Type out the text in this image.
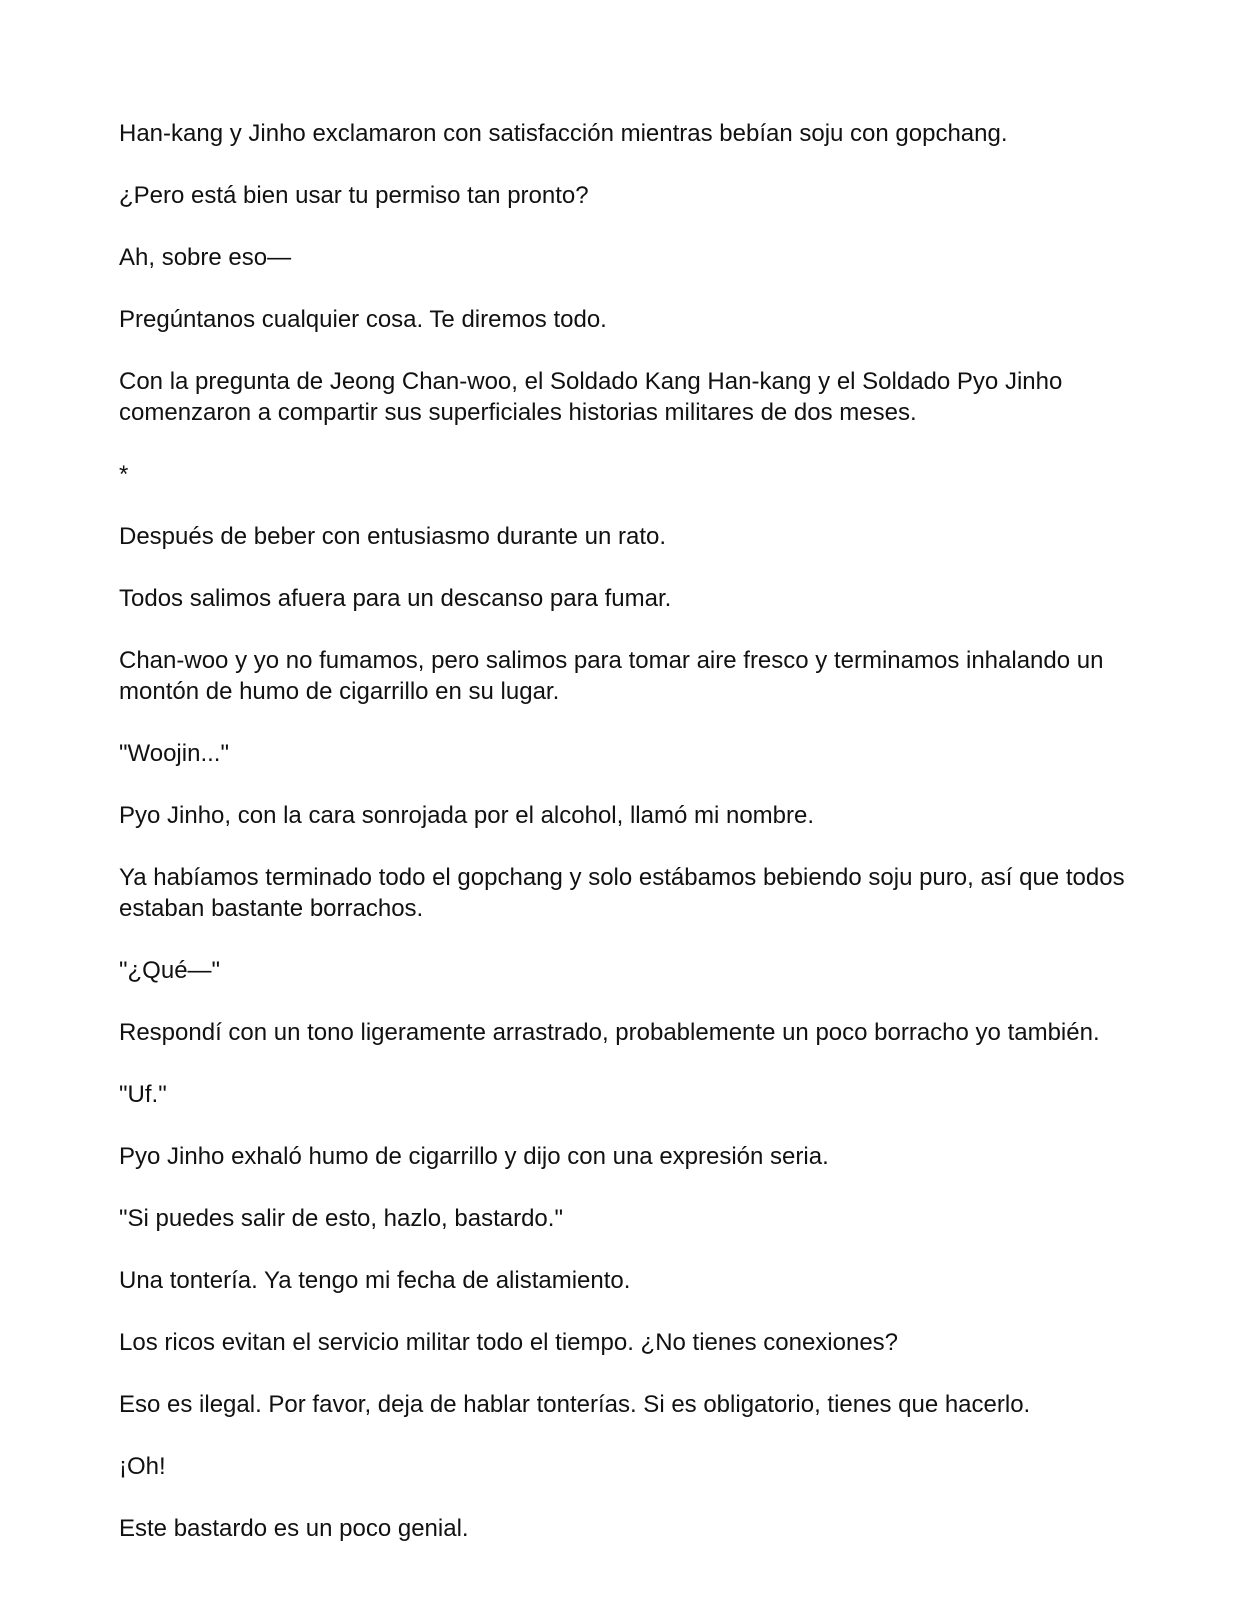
Han-kang y Jinho exclamaron con satisfacción mientras bebían soju con gopchang.

¿Pero está bien usar tu permiso tan pronto?

Ah, sobre eso—

Pregúntanos cualquier cosa. Te diremos todo.

Con la pregunta de Jeong Chan-woo, el Soldado Kang Han-kang y el Soldado Pyo Jinho comenzaron a compartir sus superficiales historias militares de dos meses.

*

Después de beber con entusiasmo durante un rato.

Todos salimos afuera para un descanso para fumar.

Chan-woo y yo no fumamos, pero salimos para tomar aire fresco y terminamos inhalando un montón de humo de cigarrillo en su lugar.

"Woojin..."

Pyo Jinho, con la cara sonrojada por el alcohol, llamó mi nombre.

Ya habíamos terminado todo el gopchang y solo estábamos bebiendo soju puro, así que todos estaban bastante borrachos.

"¿Qué—"

Respondí con un tono ligeramente arrastrado, probablemente un poco borracho yo también.

"Uf."

Pyo Jinho exhaló humo de cigarrillo y dijo con una expresión seria.

"Si puedes salir de esto, hazlo, bastardo."

Una tontería. Ya tengo mi fecha de alistamiento.

Los ricos evitan el servicio militar todo el tiempo. ¿No tienes conexiones?

Eso es ilegal. Por favor, deja de hablar tonterías. Si es obligatorio, tienes que hacerlo.

¡Oh!

Este bastardo es un poco genial.
